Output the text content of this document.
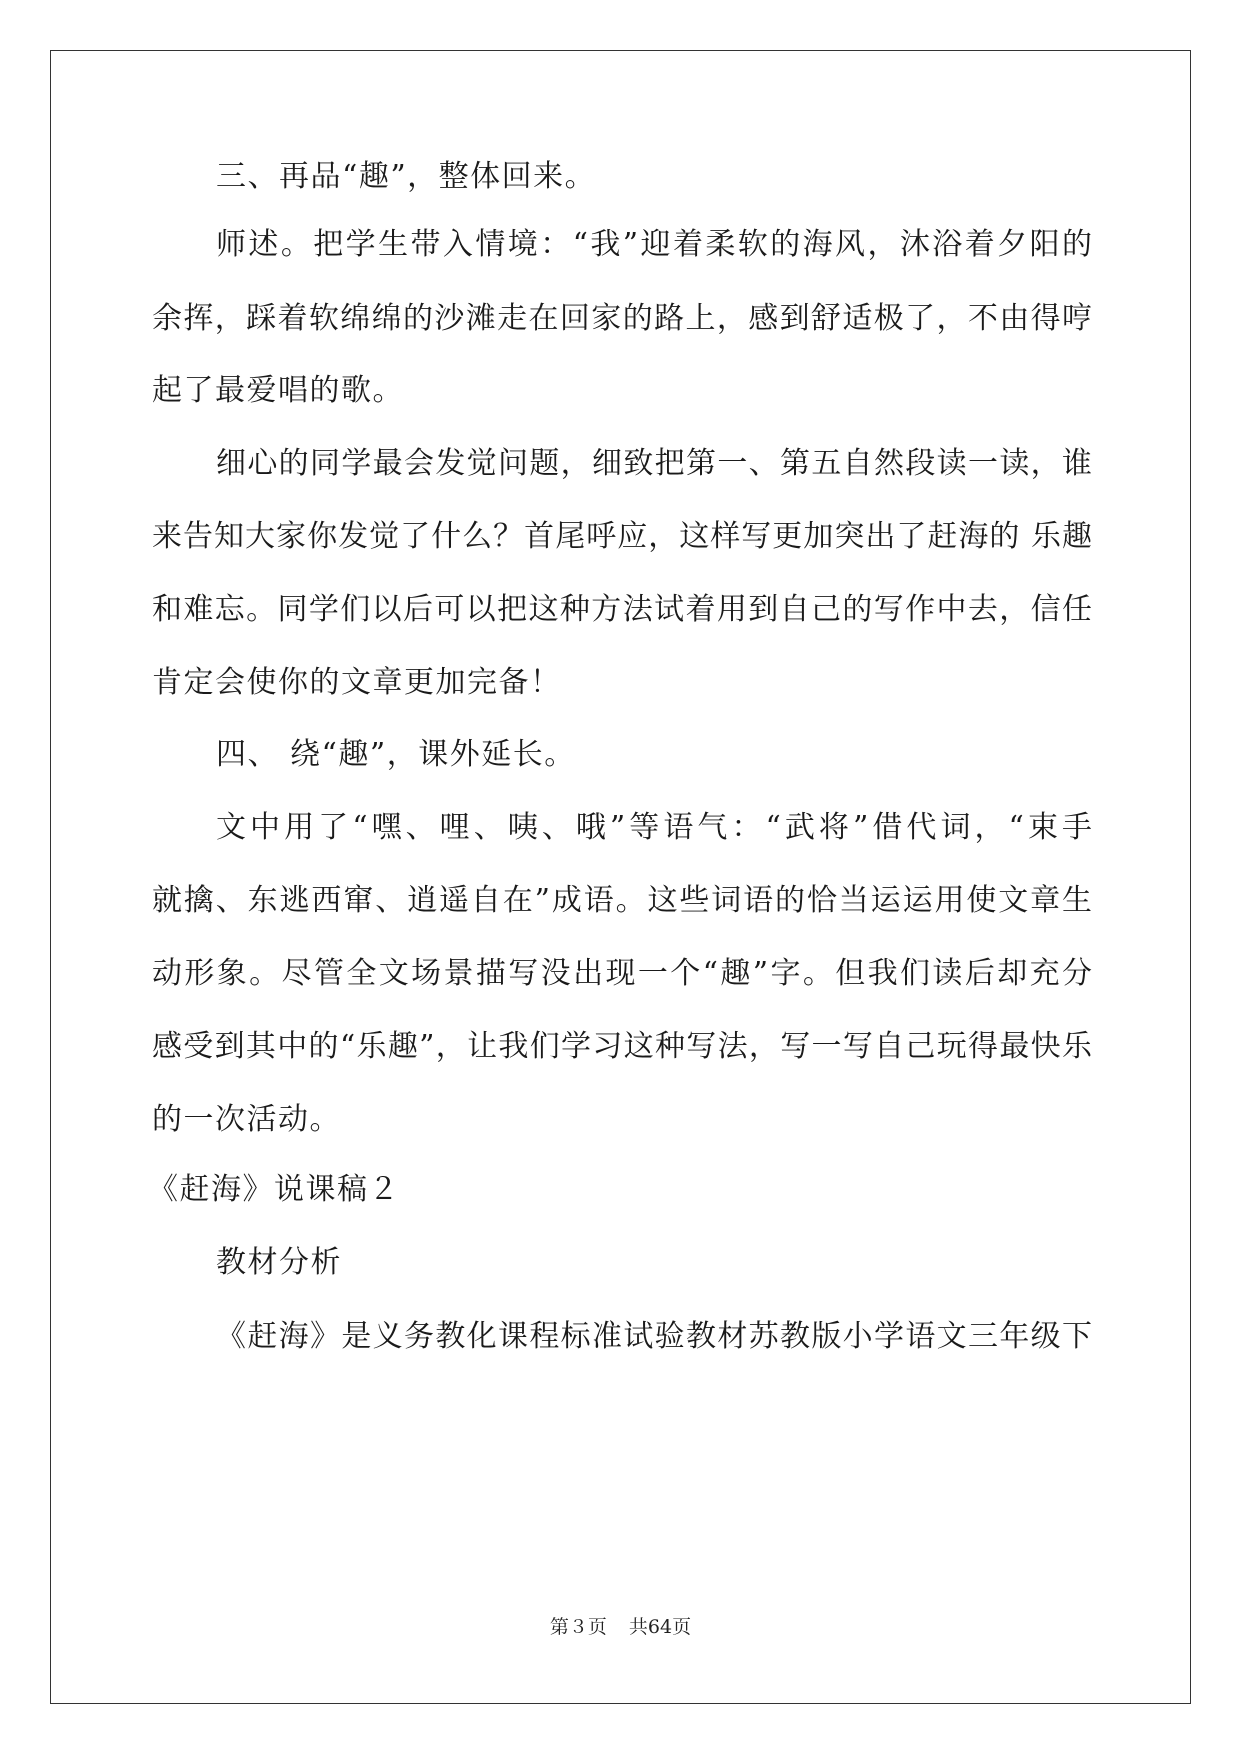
三、再品“趣”，整体回来。
师述。把学生带入情境：“我”迎着柔软的海风，沐浴着夕阳的
余挥，踩着软绵绵的沙滩走在回家的路上，感到舒适极了，不由得哼
起了最爱唱的歌。
细心的同学最会发觉问题，细致把第一、第五自然段读一读，谁
来告知大家你发觉了什么？首尾呼应，这样写更加突出了赶海的 乐趣
和难忘。同学们以后可以把这种方法试着用到自己的写作中去，信任
肯定会使你的文章更加完备！
四、 绕“趣”，课外延长。
文中用了“嘿、哩、咦、哦”等语气：“武将”借代词，“束手
就擒、东逃西窜、逍遥自在”成语。这些词语的恰当运运用使文章生
动形象。尽管全文场景描写没出现一个“趣”字。但我们读后却充分
感受到其中的“乐趣”，让我们学习这种写法，写一写自己玩得最快乐
的一次活动。
《赶海》说课稿２
教材分析
《赶海》是义务教化课程标准试验教材苏教版小学语文三年级下
第３页 共64页
